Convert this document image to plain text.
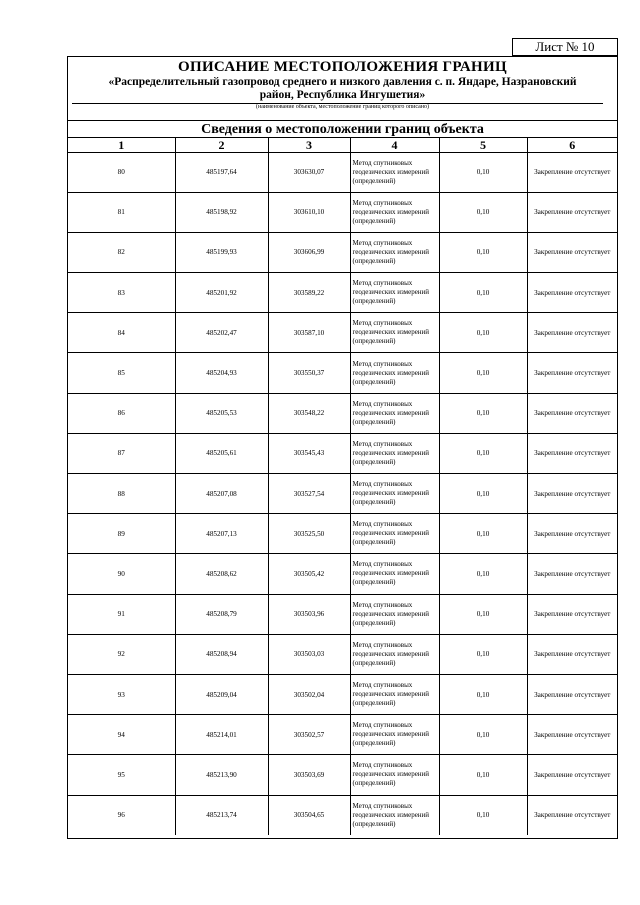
Лист № 10
ОПИСАНИЕ МЕСТОПОЛОЖЕНИЯ ГРАНИЦ
«Распределительный газопровод среднего и низкого давления с. п. Яндаре, Назрановский район, Республика Ингушетия»
(наименование объекта, местоположение границ которого описано)
Сведения о местоположении границ объекта
1	2	3	4	5	6
80	485197,64	303630,07	Метод спутниковых геодезических измерений (определений)	0,10	Закрепление отсутствует
81	485198,92	303610,10	Метод спутниковых геодезических измерений (определений)	0,10	Закрепление отсутствует
82	485199,93	303606,99	Метод спутниковых геодезических измерений (определений)	0,10	Закрепление отсутствует
83	485201,92	303589,22	Метод спутниковых геодезических измерений (определений)	0,10	Закрепление отсутствует
84	485202,47	303587,10	Метод спутниковых геодезических измерений (определений)	0,10	Закрепление отсутствует
85	485204,93	303550,37	Метод спутниковых геодезических измерений (определений)	0,10	Закрепление отсутствует
86	485205,53	303548,22	Метод спутниковых геодезических измерений (определений)	0,10	Закрепление отсутствует
87	485205,61	303545,43	Метод спутниковых геодезических измерений (определений)	0,10	Закрепление отсутствует
88	485207,08	303527,54	Метод спутниковых геодезических измерений (определений)	0,10	Закрепление отсутствует
89	485207,13	303525,50	Метод спутниковых геодезических измерений (определений)	0,10	Закрепление отсутствует
90	485208,62	303505,42	Метод спутниковых геодезических измерений (определений)	0,10	Закрепление отсутствует
91	485208,79	303503,96	Метод спутниковых геодезических измерений (определений)	0,10	Закрепление отсутствует
92	485208,94	303503,03	Метод спутниковых геодезических измерений (определений)	0,10	Закрепление отсутствует
93	485209,04	303502,04	Метод спутниковых геодезических измерений (определений)	0,10	Закрепление отсутствует
94	485214,01	303502,57	Метод спутниковых геодезических измерений (определений)	0,10	Закрепление отсутствует
95	485213,90	303503,69	Метод спутниковых геодезических измерений (определений)	0,10	Закрепление отсутствует
96	485213,74	303504,65	Метод спутниковых геодезических измерений (определений)	0,10	Закрепление отсутствует
